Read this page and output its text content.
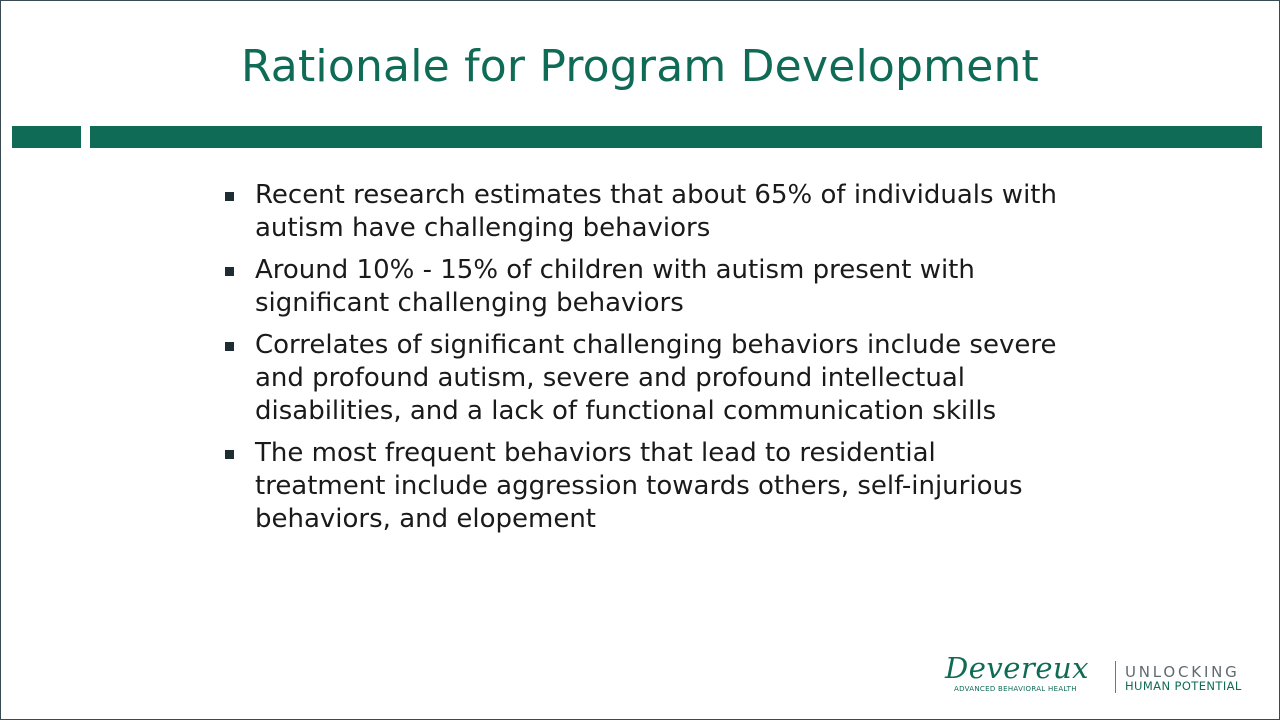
Rationale for Program Development
Recent research estimates that about 65% of individuals with autism have challenging behaviors
Around 10% - 15% of children with autism present with significant challenging behaviors
Correlates of significant challenging behaviors include severe and profound autism, severe and profound intellectual disabilities, and a lack of functional communication skills
The most frequent behaviors that lead to residential treatment include aggression towards others, self-injurious behaviors, and elopement
Devereux
ADVANCED BEHAVIORAL HEALTH
UNLOCKING
HUMAN POTENTIAL
